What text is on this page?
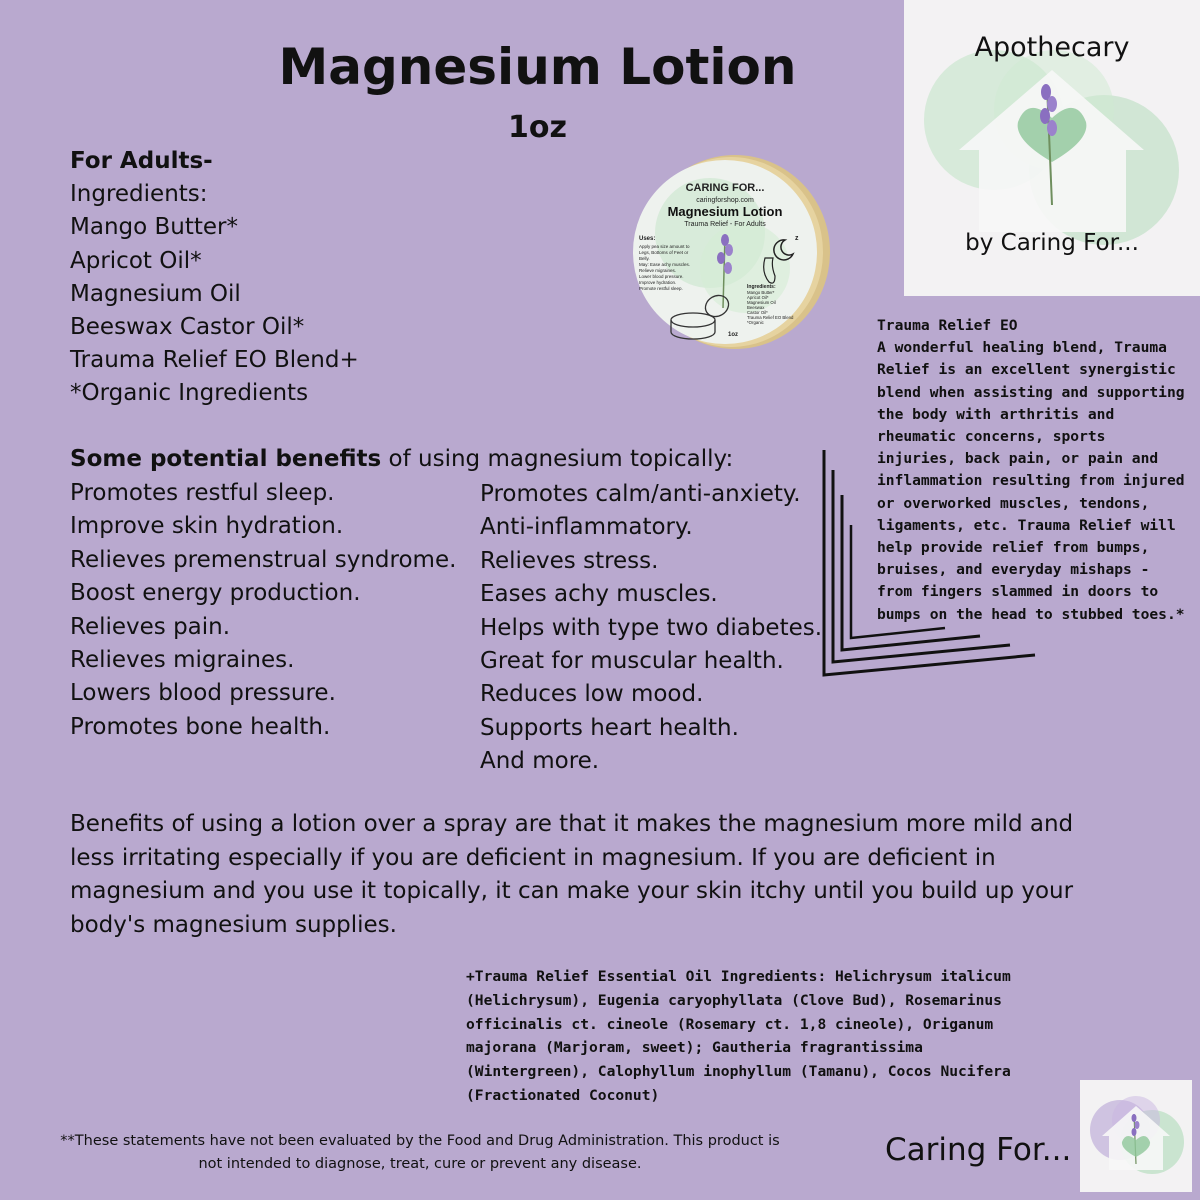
Magnesium Lotion
1oz
For Adults-
Ingredients:
Mango Butter*
Apricot Oil*
Magnesium Oil
Beeswax Castor Oil*
Trauma Relief EO Blend+
*Organic Ingredients
CARING FOR...
caringforshop.com
Magnesium Lotion
Trauma Relief - For Adults
Uses:
Apply pea size amount to
Legs, Bottoms of Feet or
Belly.
May: Ease achy muscles.
Relieve migraines.
Lower blood pressure.
Improve hydration.
Promote restful sleep.
z
Ingredients:
Mango Butter*
Apricot Oil*
Magnesium Oil
Beeswax
Castor Oil*
Trauma Relief EO Blend
*Organic
1oz
Apothecary
by Caring For...
Trauma Relief EO
A wonderful healing blend, Trauma Relief is an excellent synergistic blend when assisting and supporting the body with arthritis and rheumatic concerns, sports injuries, back pain, or pain and inflammation resulting from injured or overworked muscles, tendons, ligaments, etc. Trauma Relief will help provide relief from bumps, bruises, and everyday mishaps - from fingers slammed in doors to bumps on the head to stubbed toes.*
Some potential benefits of using magnesium topically:
Promotes restful sleep.
Improve skin hydration.
Relieves premenstrual syndrome.
Boost energy production.
Relieves pain.
Relieves migraines.
Lowers blood pressure.
Promotes bone health.
Promotes calm/anti-anxiety.
Anti-inflammatory.
Relieves stress.
Eases achy muscles.
Helps with type two diabetes.
Great for muscular health.
Reduces low mood.
Supports heart health.
And more.
Benefits of using a lotion over a spray are that it makes the magnesium more mild and less irritating especially if you are deficient in magnesium. If you are deficient in magnesium and you use it topically, it can make your skin itchy until you build up your body's magnesium supplies.
+Trauma Relief Essential Oil Ingredients: Helichrysum italicum (Helichrysum), Eugenia caryophyllata (Clove Bud), Rosemarinus officinalis ct. cineole (Rosemary ct. 1,8 cineole), Origanum majorana (Marjoram, sweet); Gautheria fragrantissima (Wintergreen), Calophyllum inophyllum (Tamanu), Cocos Nucifera (Fractionated Coconut)
**These statements have not been evaluated by the Food and Drug Administration. This product is not intended to diagnose, treat, cure or prevent any disease.	Caring For...
